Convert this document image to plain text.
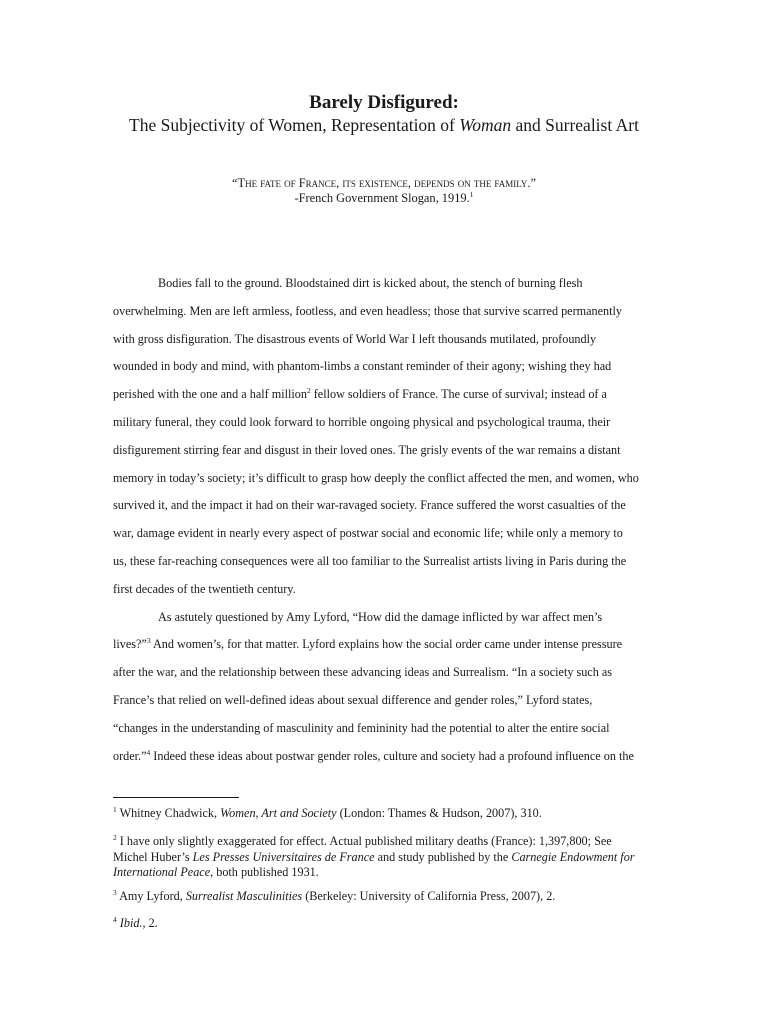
Barely Disfigured:
The Subjectivity of Women, Representation of Woman and Surrealist Art
“The fate of France, its existence, depends on the family.”
-French Government Slogan, 1919.$^1$

Bodies fall to the ground. Bloodstained dirt is kicked about, the stench of burning flesh
overwhelming. Men are left armless, footless, and even headless; those that survive scarred permanently
with gross disfiguration. The disastrous events of World War I left thousands mutilated, profoundly
wounded in body and mind, with phantom-limbs a constant reminder of their agony; wishing they had
perished with the one and a half million$^2$ fellow soldiers of France. The curse of survival; instead of a
military funeral, they could look forward to horrible ongoing physical and psychological trauma, their
disfigurement stirring fear and disgust in their loved ones. The grisly events of the war remains a distant
memory in today’s society; it’s difficult to grasp how deeply the conflict affected the men, and women, who
survived it, and the impact it had on their war-ravaged society. France suffered the worst casualties of the
war, damage evident in nearly every aspect of postwar social and economic life; while only a memory to
us, these far-reaching consequences were all too familiar to the Surrealist artists living in Paris during the
first decades of the twentieth century.

As astutely questioned by Amy Lyford, “How did the damage inflicted by war affect men’s
lives?”$^3$ And women’s, for that matter. Lyford explains how the social order came under intense pressure
after the war, and the relationship between these advancing ideas and Surrealism. “In a society such as
France’s that relied on well-defined ideas about sexual difference and gender roles,” Lyford states,
“changes in the understanding of masculinity and femininity had the potential to alter the entire social
order.”$^4$ Indeed these ideas about postwar gender roles, culture and society had a profound influence on the

$^1$ Whitney Chadwick, Women, Art and Society (London: Thames & Hudson, 2007), 310.
$^2$ I have only slightly exaggerated for effect. Actual published military deaths (France): 1,397,800; See
Michel Huber’s Les Presses Universitaires de France and study published by the Carnegie Endowment for
International Peace, both published 1931.
$^3$ Amy Lyford, Surrealist Masculinities (Berkeley: University of California Press, 2007), 2.
$^4$ Ibid., 2.
